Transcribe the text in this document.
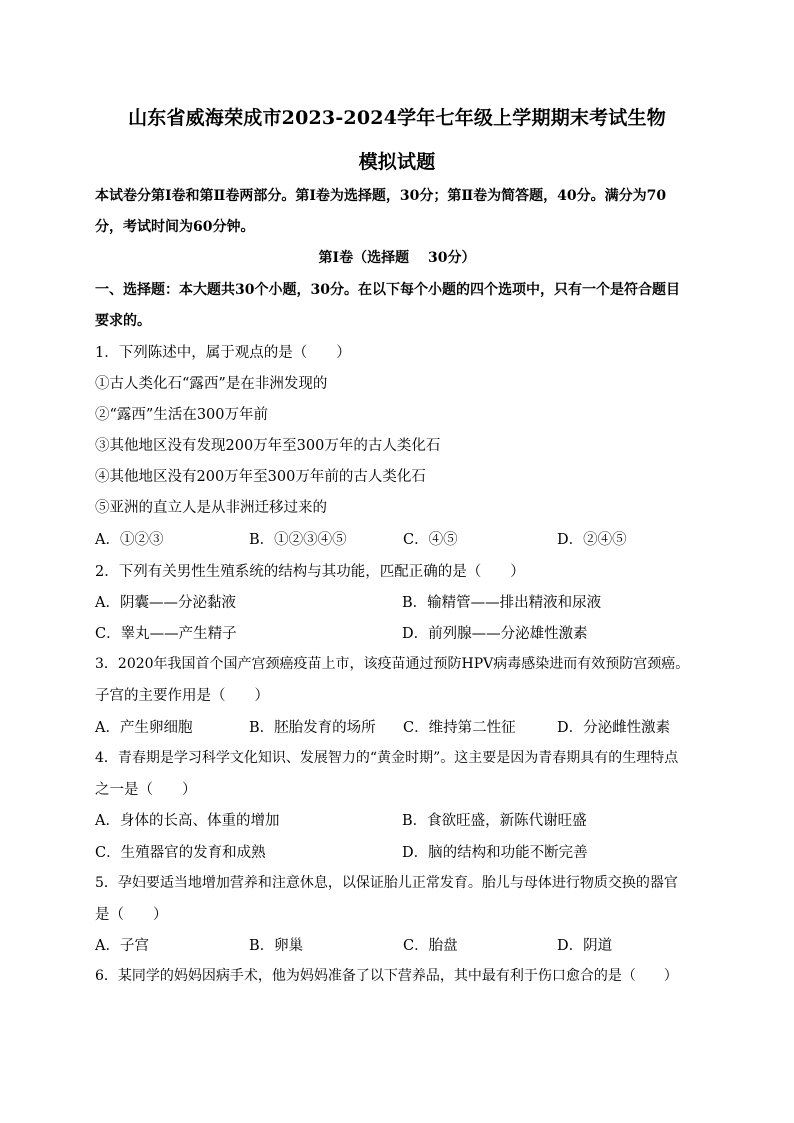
山东省威海荣成市2023-2024学年七年级上学期期末考试生物
模拟试题
本试卷分第Ⅰ卷和第Ⅱ卷两部分。第Ⅰ卷为选择题，30分；第Ⅱ卷为简答题，40分。满分为70
分，考试时间为60分钟。
第Ⅰ卷（选择题　 30分）
一、选择题：本大题共30个小题，30分。在以下每个小题的四个选项中，只有一个是符合题目
要求的。
1．下列陈述中，属于观点的是（　　）
①古人类化石“露西”是在非洲发现的
②“露西”生活在300万年前
③其他地区没有发现200万年至300万年的古人类化石
④其他地区没有200万年至300万年前的古人类化石
⑤亚洲的直立人是从非洲迁移过来的
A．①②③	B．①②③④⑤	C．④⑤	D．②④⑤
2．下列有关男性生殖系统的结构与其功能，匹配正确的是（　　）
A．阴囊——分泌黏液	B．输精管——排出精液和尿液
C．睾丸——产生精子	D．前列腺——分泌雄性激素
3．2020年我国首个国产宫颈癌疫苗上市，该疫苗通过预防HPV病毒感染进而有效预防宫颈癌。
子宫的主要作用是（　　）
A．产生卵细胞	B．胚胎发育的场所 C．维持第二性征	D．分泌雌性激素
4．青春期是学习科学文化知识、发展智力的“黄金时期”。这主要是因为青春期具有的生理特点
之一是（　　）
A．身体的长高、体重的增加	B．食欲旺盛，新陈代谢旺盛
C．生殖器官的发育和成熟	D．脑的结构和功能不断完善
5．孕妇要适当地增加营养和注意休息，以保证胎儿正常发育。胎儿与母体进行物质交换的器官
是（　　）
A．子宫	B．卵巢	C．胎盘	D．阴道
6．某同学的妈妈因病手术，他为妈妈准备了以下营养品，其中最有利于伤口愈合的是（　　）
